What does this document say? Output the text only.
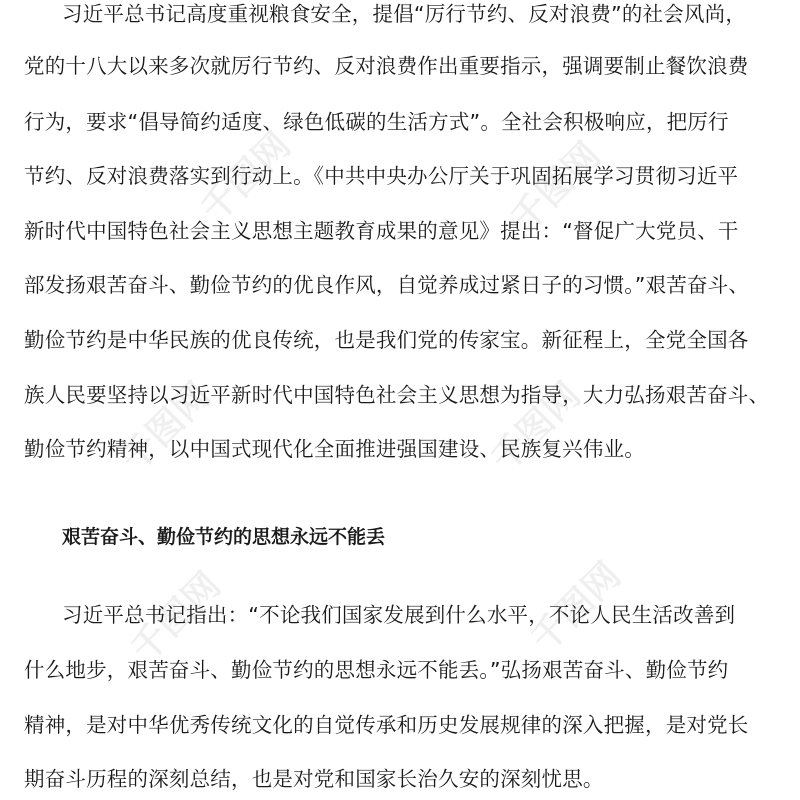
千图网	千图网
千图网
千图网
千图网	千图网
习近平总书记高度重视粮食安全，提倡“厉行节约、反对浪费”的社会风尚，
党的十八大以来多次就厉行节约、反对浪费作出重要指示，强调要制止餐饮浪费
行为，要求“倡导简约适度、绿色低碳的生活方式”。全社会积极响应，把厉行
节约、反对浪费落实到行动上。《中共中央办公厅关于巩固拓展学习贯彻习近平
新时代中国特色社会主义思想主题教育成果的意见》提出：“督促广大党员、干
部发扬艰苦奋斗、勤俭节约的优良作风，自觉养成过紧日子的习惯。”艰苦奋斗、
勤俭节约是中华民族的优良传统，也是我们党的传家宝。新征程上，全党全国各
族人民要坚持以习近平新时代中国特色社会主义思想为指导，大力弘扬艰苦奋斗、
勤俭节约精神，以中国式现代化全面推进强国建设、民族复兴伟业。
艰苦奋斗、勤俭节约的思想永远不能丢
习近平总书记指出：“不论我们国家发展到什么水平，不论人民生活改善到
什么地步，艰苦奋斗、勤俭节约的思想永远不能丢。”弘扬艰苦奋斗、勤俭节约
精神，是对中华优秀传统文化的自觉传承和历史发展规律的深入把握，是对党长
期奋斗历程的深刻总结，也是对党和国家长治久安的深刻忧思。
